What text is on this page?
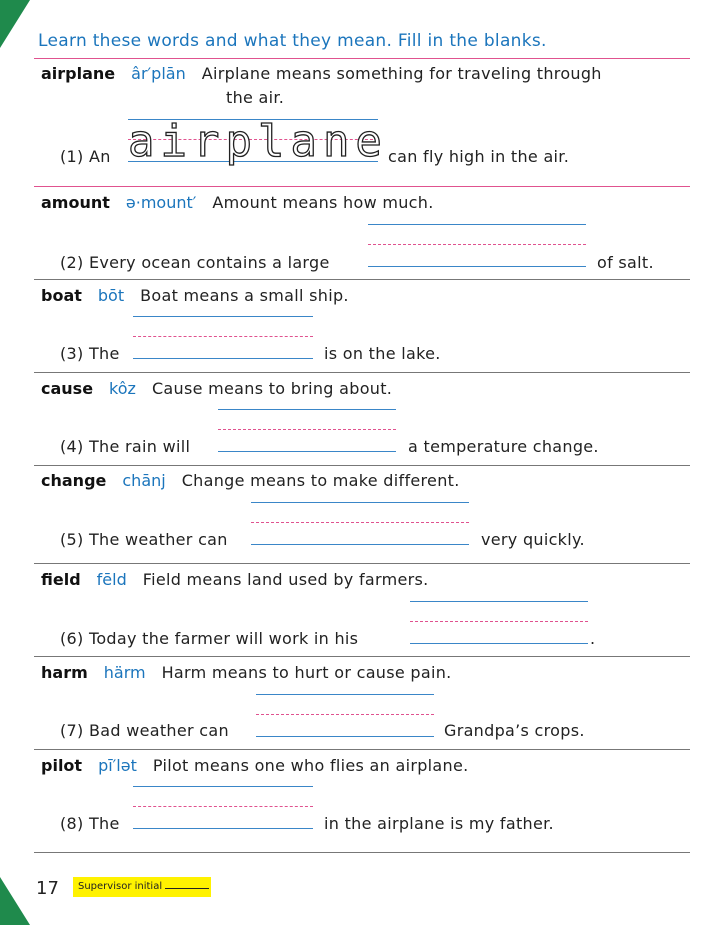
Learn these words and what they mean. Fill in the blanks.
airplane âr′plān Airplane means something for traveling through
the air.
airplane
(1) An	can fly high in the air.
amount ə·mount′ Amount means how much.
(2) Every ocean contains a large	of salt.
boat bōt Boat means a small ship.
(3) The	is on the lake.
cause kôz Cause means to bring about.
(4) The rain will	a temperature change.
change chānj Change means to make different.
(5) The weather can	very quickly.
field fēld Field means land used by farmers.
(6) Today the farmer will work in his	.
harm härm Harm means to hurt or cause pain.
(7) Bad weather can	Grandpa’s crops.
pilot pī′lət Pilot means one who flies an airplane.
(8) The	in the airplane is my father.
17	Supervisor initial
